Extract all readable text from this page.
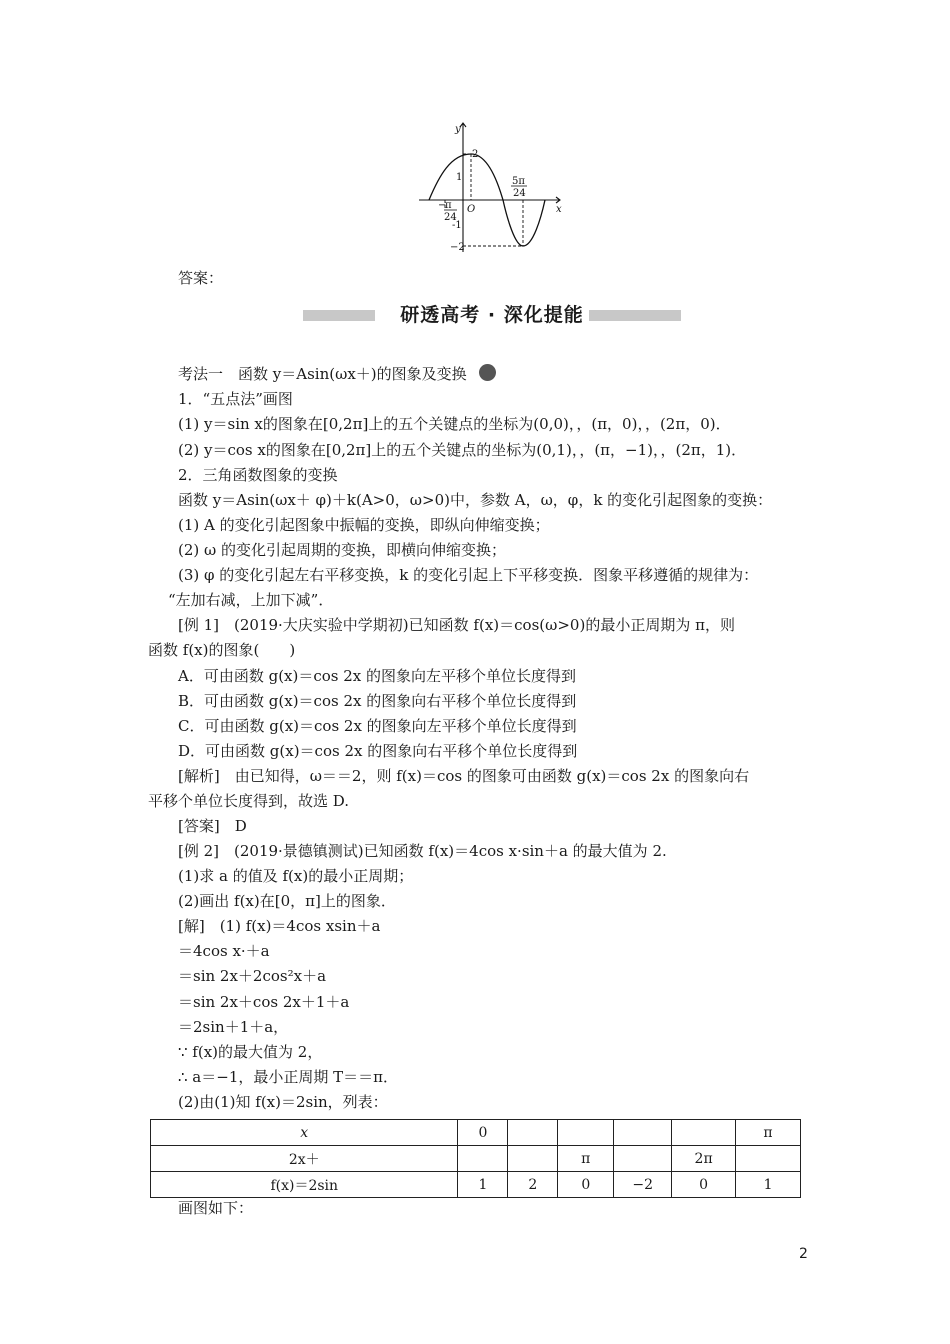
y
x
O
2
1
-1
−2
−
π
24
5π
24
答案：
研透高考 · 深化提能
考法一　函数 y＝Asin(ωx＋)的图象及变换
1．“五点法”画图
(1) y＝sin x的图象在[0,2π]上的五个关键点的坐标为(0,0)，，(π，0)，，(2π，0)．
(2) y＝cos x的图象在[0,2π]上的五个关键点的坐标为(0,1)，，(π，−1)，，(2π，1)．
2．三角函数图象的变换
函数 y＝Asin(ωx＋ φ)＋k(A>0，ω>0)中，参数 A，ω，φ，k 的变化引起图象的变换：
(1) A 的变化引起图象中振幅的变换，即纵向伸缩变换；
(2) ω 的变化引起周期的变换，即横向伸缩变换；
(3) φ 的变化引起左右平移变换，k 的变化引起上下平移变换．图象平移遵循的规律为：
“左加右减，上加下减”．
[例 1]　(2019·大庆实验中学期初)已知函数 f(x)＝cos(ω>0)的最小正周期为 π，则
函数 f(x)的图象(　　)
A．可由函数 g(x)＝cos 2x 的图象向左平移个单位长度得到
B．可由函数 g(x)＝cos 2x 的图象向右平移个单位长度得到
C．可由函数 g(x)＝cos 2x 的图象向左平移个单位长度得到
D．可由函数 g(x)＝cos 2x 的图象向右平移个单位长度得到
[解析]　由已知得，ω＝＝2，则 f(x)＝cos 的图象可由函数 g(x)＝cos 2x 的图象向右
平移个单位长度得到，故选 D.
[答案]　D
[例 2]　(2019·景德镇测试)已知函数 f(x)＝4cos x·sin＋a 的最大值为 2.
(1)求 a 的值及 f(x)的最小正周期；
(2)画出 f(x)在[0，π]上的图象．
[解]　(1) f(x)＝4cos xsin＋a
＝4cos x·＋a
＝sin 2x＋2cos²x＋a
＝sin 2x＋cos 2x＋1＋a
＝2sin＋1＋a，
∵ f(x)的最大值为 2，
∴ a＝−1，最小正周期 T＝＝π．
(2)由(1)知 f(x)＝2sin，列表：
x	0					π
2x＋			π		2π	
f(x)＝2sin	1	2	0	−2	0	1
画图如下：
2
